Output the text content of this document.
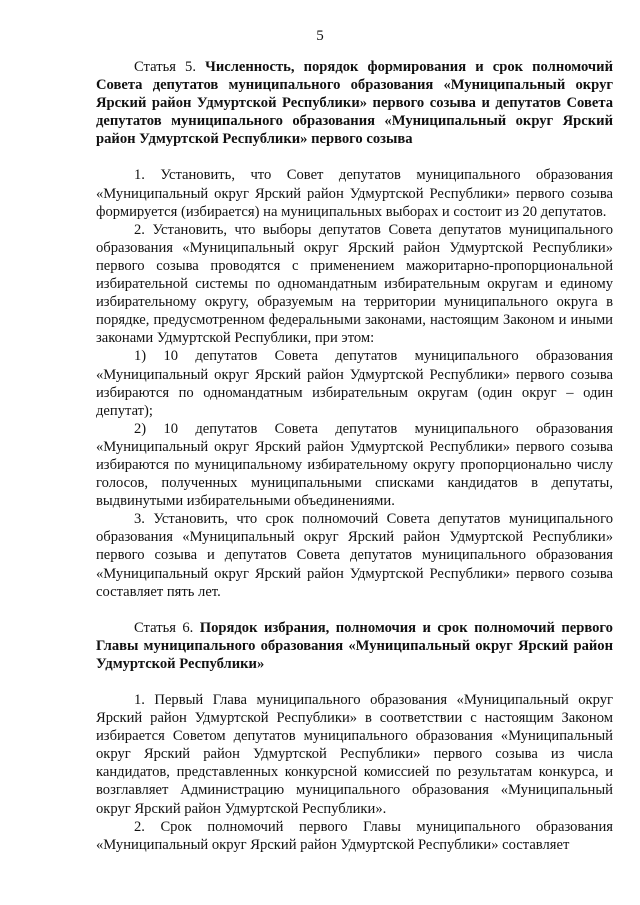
5
Статья 5. Численность, порядок формирования и срок полномочий Совета депутатов муниципального образования «Муниципальный округ Ярский район Удмуртской Республики» первого созыва и депутатов Совета депутатов муниципального образования «Муниципальный округ Ярский район Удмуртской Республики» первого созыва

1. Установить, что Совет депутатов муниципального образования «Муниципальный округ Ярский район Удмуртской Республики» первого созыва формируется (избирается) на муниципальных выборах и состоит из 20 депутатов.

2. Установить, что выборы депутатов Совета депутатов муниципального образования «Муниципальный округ Ярский район Удмуртской Республики» первого созыва проводятся с применением мажоритарно-пропорциональной избирательной системы по одномандатным избирательным округам и единому избирательному округу, образуемым на территории муниципального округа в порядке, предусмотренном федеральными законами, настоящим Законом и иными законами Удмуртской Республики, при этом:

1) 10 депутатов Совета депутатов муниципального образования «Муниципальный округ Ярский район Удмуртской Республики» первого созыва избираются по одномандатным избирательным округам (один округ – один депутат);

2) 10 депутатов Совета депутатов муниципального образования «Муниципальный округ Ярский район Удмуртской Республики» первого созыва избираются по муниципальному избирательному округу пропорционально числу голосов, полученных муниципальными списками кандидатов в депутаты, выдвинутыми избирательными объединениями.

3. Установить, что срок полномочий Совета депутатов муниципального образования «Муниципальный округ Ярский район Удмуртской Республики» первого созыва и депутатов Совета депутатов муниципального образования «Муниципальный округ Ярский район Удмуртской Республики» первого созыва составляет пять лет.

Статья 6. Порядок избрания, полномочия и срок полномочий первого Главы муниципального образования «Муниципальный округ Ярский район Удмуртской Республики»

1. Первый Глава муниципального образования «Муниципальный округ Ярский район Удмуртской Республики» в соответствии с настоящим Законом избирается Советом депутатов муниципального образования «Муниципальный округ Ярский район Удмуртской Республики» первого созыва из числа кандидатов, представленных конкурсной комиссией по результатам конкурса, и возглавляет Администрацию муниципального образования «Муниципальный округ Ярский район Удмуртской Республики».

2. Срок полномочий первого Главы муниципального образования «Муниципальный округ Ярский район Удмуртской Республики» составляет
